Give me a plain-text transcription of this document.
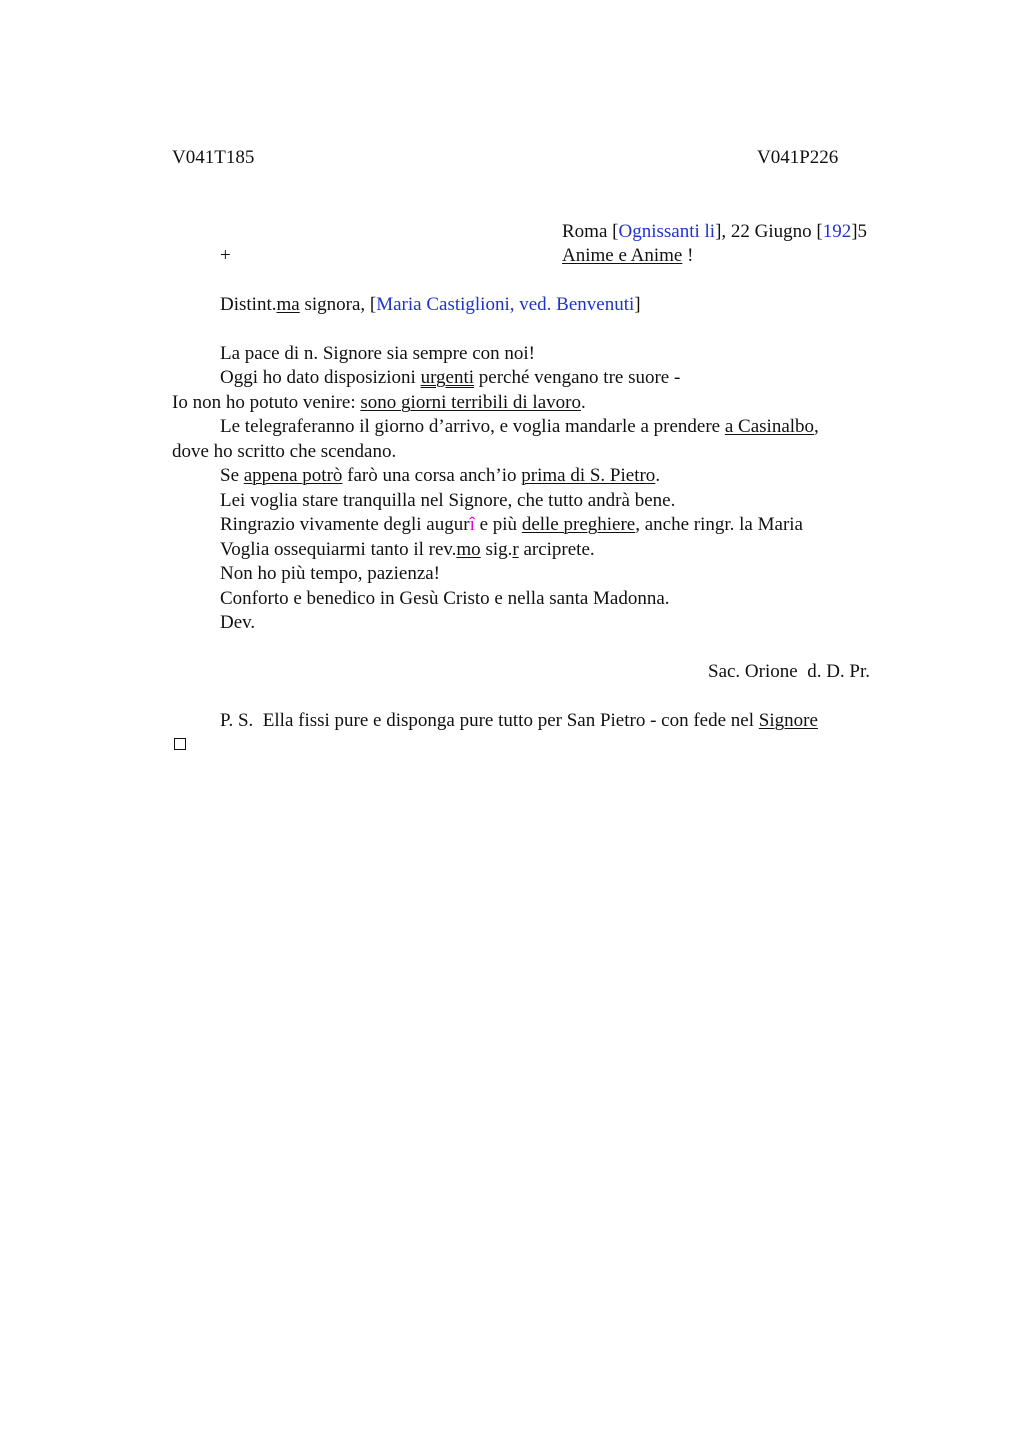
V041T185	V041P226
Roma [Ognissanti li], 22 Giugno [192]5
+	Anime e Anime !
Distint.ma signora, [Maria Castiglioni, ved. Benvenuti]
La pace di n. Signore sia sempre con noi!
Oggi ho dato disposizioni urgenti perché vengano tre suore -
Io non ho potuto venire: sono giorni terribili di lavoro.
Le telegraferanno il giorno d’arrivo, e voglia mandarle a prendere a Casinalbo,
dove ho scritto che scendano.
Se appena potrò farò una corsa anch’io prima di S. Pietro.
Lei voglia stare tranquilla nel Signore, che tutto andrà bene.
Ringrazio vivamente degli augurî e più delle preghiere, anche ringr. la Maria
Voglia ossequiarmi tanto il rev.mo sig.r arciprete.
Non ho più tempo, pazienza!
Conforto e benedico in Gesù Cristo e nella santa Madonna.
Dev.
Sac. Orione  d. D. Pr.
P. S.  Ella fissi pure e disponga pure tutto per San Pietro - con fede nel Signore
